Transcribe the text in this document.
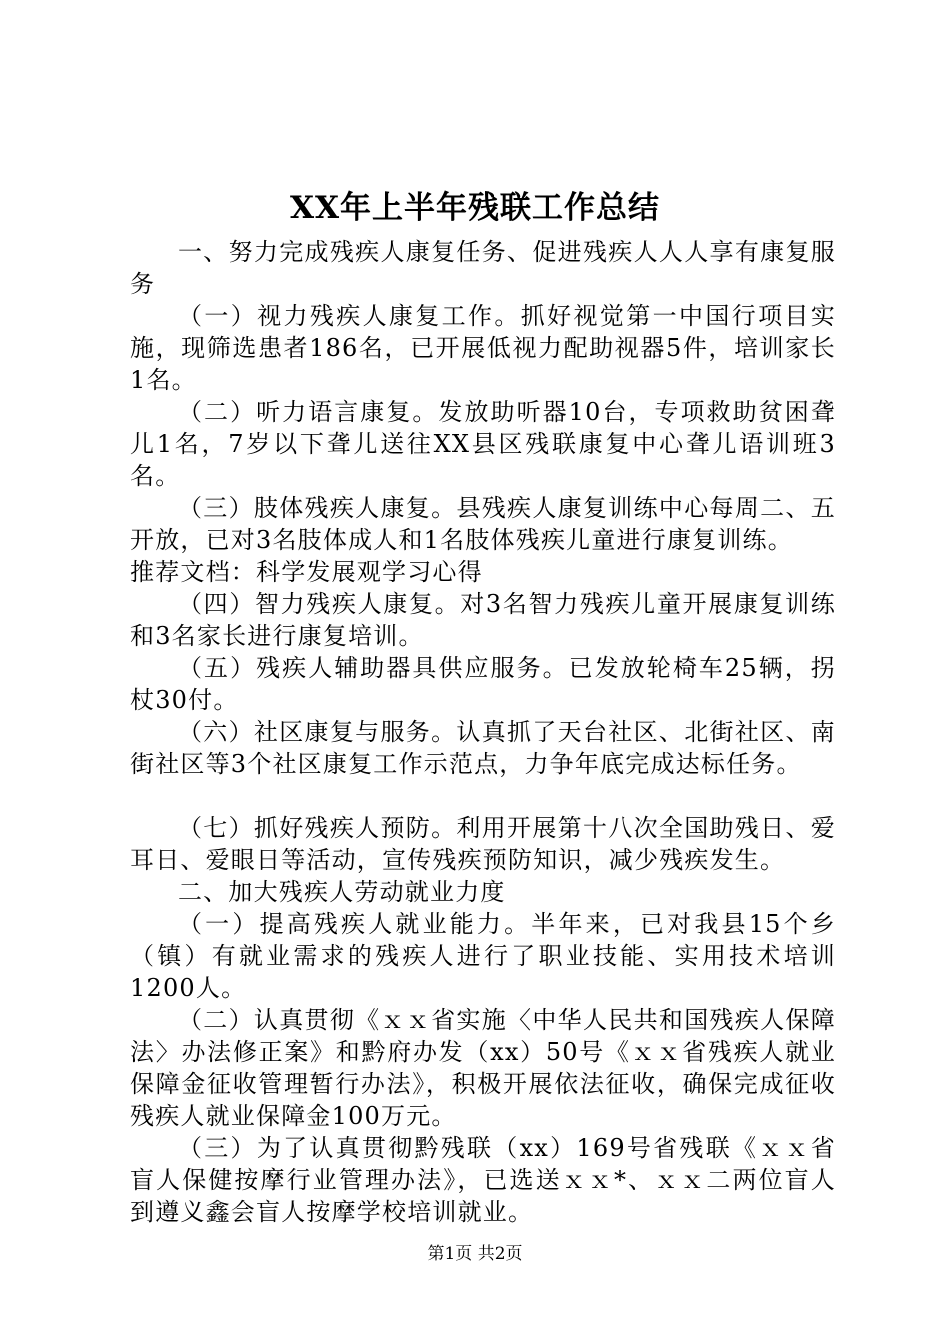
XX年上半年残联工作总结

一、努力完成残疾人康复任务、促进残疾人人人享有康复服务

（一）视力残疾人康复工作。抓好视觉第一中国行项目实施，现筛选患者186名，已开展低视力配助视器5件，培训家长1名。

（二）听力语言康复。发放助听器10台，专项救助贫困聋儿1名，7岁以下聋儿送往XX县区残联康复中心聋儿语训班3名。

（三）肢体残疾人康复。县残疾人康复训练中心每周二、五开放，已对3名肢体成人和1名肢体残疾儿童进行康复训练。

推荐文档：科学发展观学习心得

（四）智力残疾人康复。对3名智力残疾儿童开展康复训练和3名家长进行康复培训。

（五）残疾人辅助器具供应服务。已发放轮椅车25辆，拐杖30付。

（六）社区康复与服务。认真抓了天台社区、北街社区、南街社区等3个社区康复工作示范点，力争年底完成达标任务。

（七）抓好残疾人预防。利用开展第十八次全国助残日、爱耳日、爱眼日等活动，宣传残疾预防知识，减少残疾发生。

二、加大残疾人劳动就业力度

（一）提高残疾人就业能力。半年来，已对我县15个乡（镇）有就业需求的残疾人进行了职业技能、实用技术培训1200人。

（二）认真贯彻《ｘｘ省实施〈中华人民共和国残疾人保障法〉办法修正案》和黔府办发（xx）50号《ｘｘ省残疾人就业保障金征收管理暂行办法》，积极开展依法征收，确保完成征收残疾人就业保障金100万元。

（三）为了认真贯彻黔残联（xx）169号省残联《ｘｘ省盲人保健按摩行业管理办法》，已选送ｘｘ*、ｘｘ二两位盲人到遵义鑫会盲人按摩学校培训就业。

第1页 共2页
